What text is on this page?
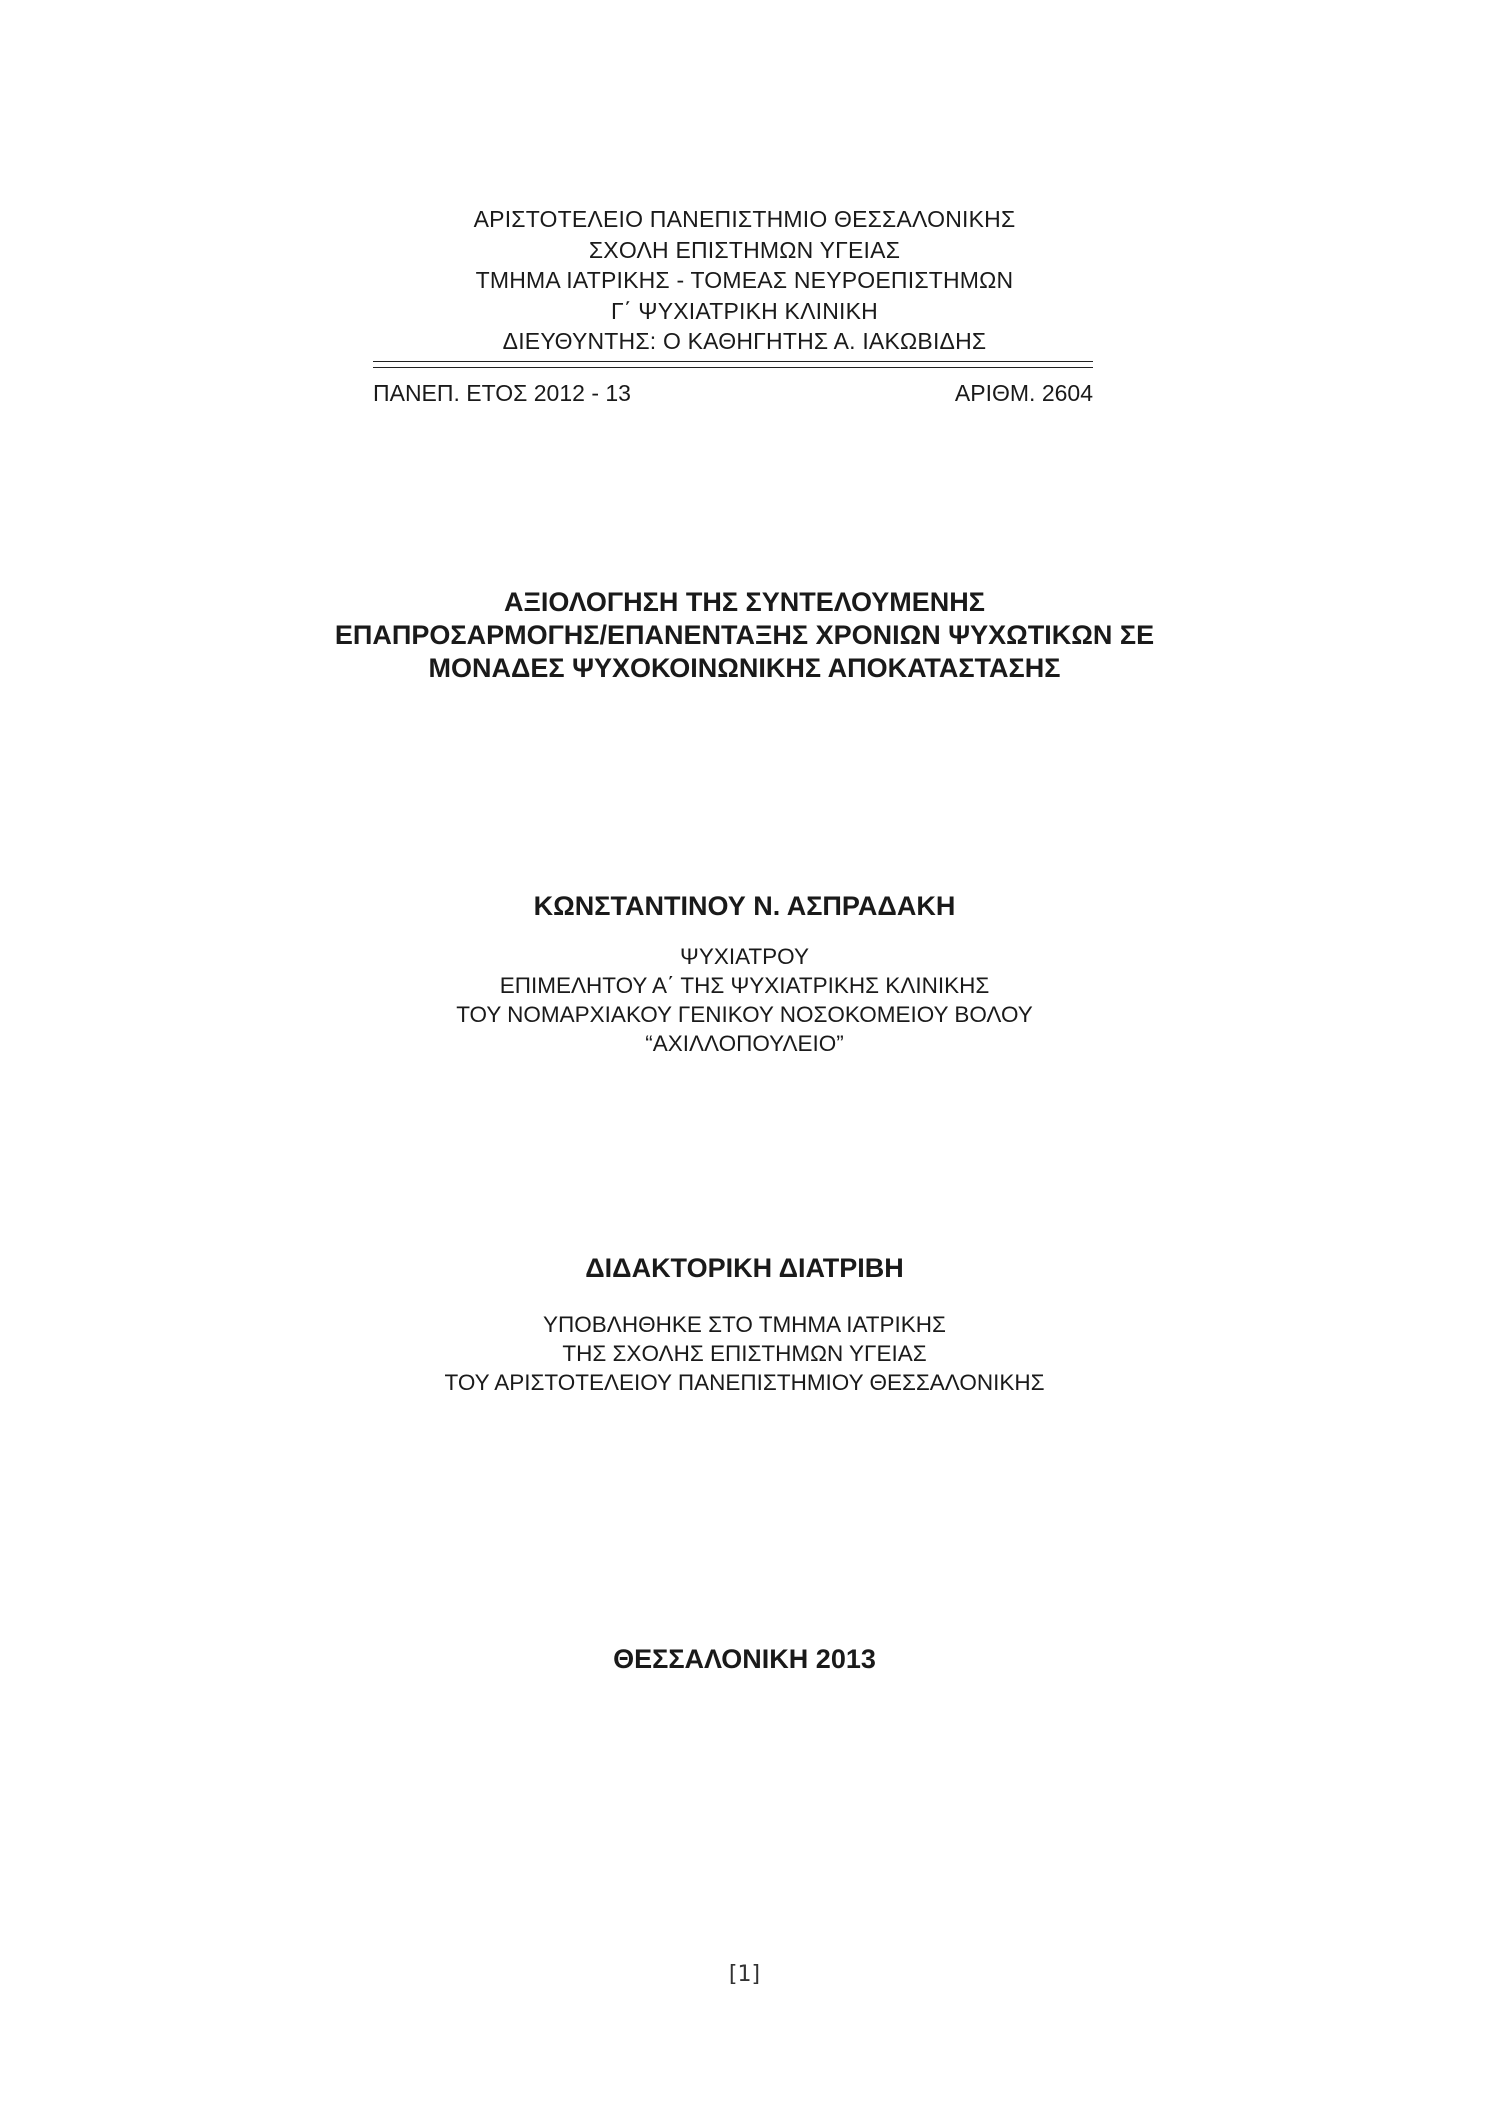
ΑΡΙΣΤΟΤΕΛΕΙΟ ΠΑΝΕΠΙΣΤΗΜΙΟ ΘΕΣΣΑΛΟΝΙΚΗΣ
ΣΧΟΛΗ ΕΠΙΣΤΗΜΩΝ ΥΓΕΙΑΣ
ΤΜΗΜΑ ΙΑΤΡΙΚΗΣ - ΤΟΜΕΑΣ ΝΕΥΡΟΕΠΙΣΤΗΜΩΝ
Γ΄ ΨΥΧΙΑΤΡΙΚΗ ΚΛΙΝΙΚΗ
ΔΙΕΥΘΥΝΤΗΣ: Ο ΚΑΘΗΓΗΤΗΣ Α. ΙΑΚΩΒΙΔΗΣ
ΠΑΝΕΠ. ΕΤΟΣ 2012 - 13	ΑΡΙΘΜ. 2604
ΑΞΙΟΛΟΓΗΣΗ ΤΗΣ ΣΥΝΤΕΛΟΥΜΕΝΗΣ
ΕΠΑΠΡΟΣΑΡΜΟΓΗΣ/ΕΠΑΝΕΝΤΑΞΗΣ ΧΡΟΝΙΩΝ ΨΥΧΩΤΙΚΩΝ ΣΕ
ΜΟΝΑΔΕΣ ΨΥΧΟΚΟΙΝΩΝΙΚΗΣ ΑΠΟΚΑΤΑΣΤΑΣΗΣ
ΚΩΝΣΤΑΝΤΙΝΟΥ Ν. ΑΣΠΡΑΔΑΚΗ
ΨΥΧΙΑΤΡΟΥ
ΕΠΙΜΕΛΗΤΟΥ Α΄ ΤΗΣ ΨΥΧΙΑΤΡΙΚΗΣ ΚΛΙΝΙΚΗΣ
ΤΟΥ ΝΟΜΑΡΧΙΑΚΟΥ ΓΕΝΙΚΟΥ ΝΟΣΟΚΟΜΕΙΟΥ ΒΟΛΟΥ
“ΑΧΙΛΛΟΠΟΥΛΕΙΟ”
ΔΙΔΑΚΤΟΡΙΚΗ ΔΙΑΤΡΙΒΗ
ΥΠΟΒΛΗΘΗΚΕ ΣΤΟ ΤΜΗΜΑ ΙΑΤΡΙΚΗΣ
ΤΗΣ ΣΧΟΛΗΣ ΕΠΙΣΤΗΜΩΝ ΥΓΕΙΑΣ
ΤΟΥ ΑΡΙΣΤΟΤΕΛΕΙΟΥ ΠΑΝΕΠΙΣΤΗΜΙΟΥ ΘΕΣΣΑΛΟΝΙΚΗΣ
ΘΕΣΣΑΛΟΝΙΚΗ 2013
[1]
